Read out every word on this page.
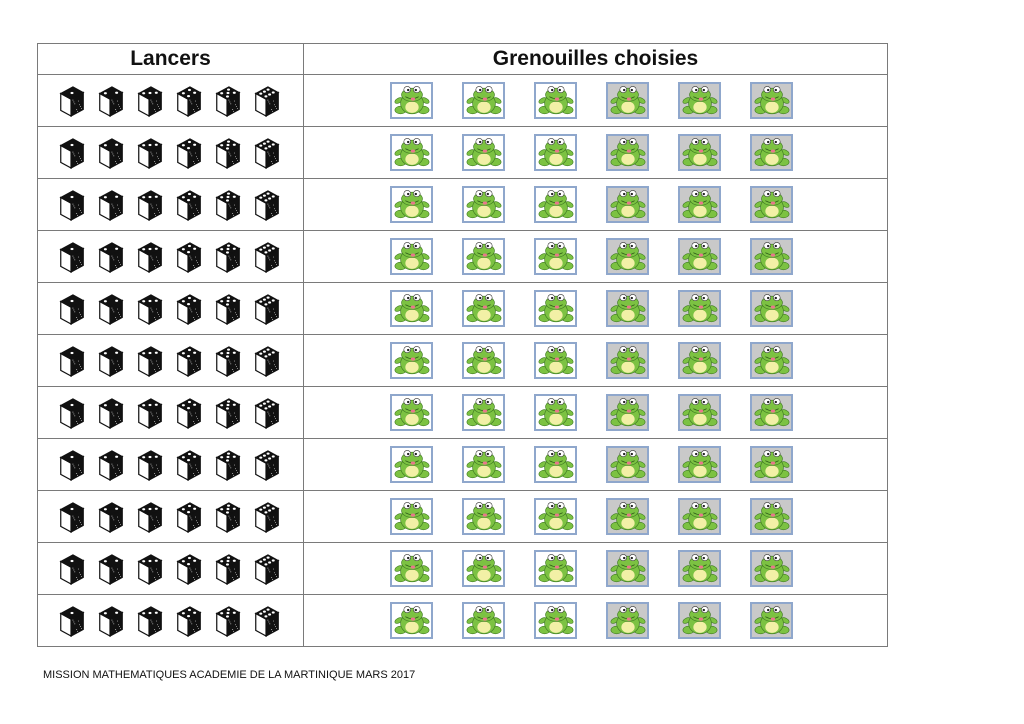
Lancers	Grenouilles choisies

MISSION MATHEMATIQUES ACADEMIE DE LA MARTINIQUE MARS 2017
